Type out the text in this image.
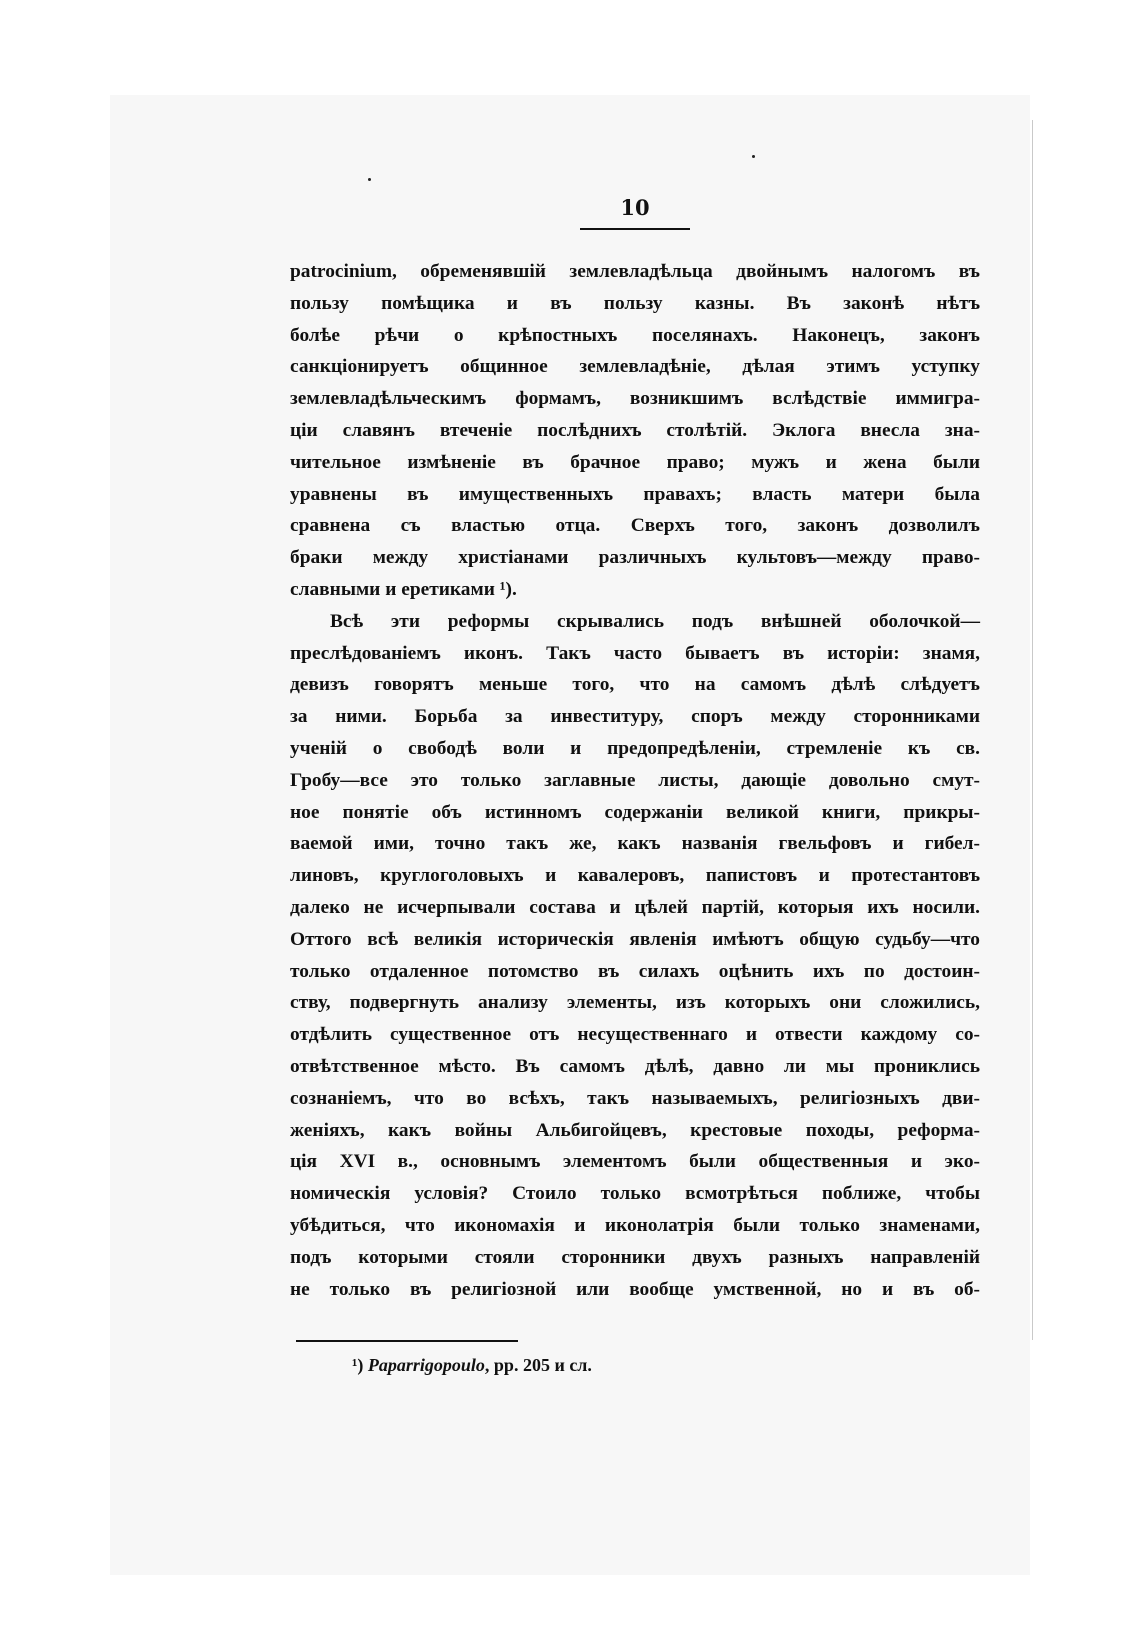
10
patrocinium, обременявшій землевладѣльца двойнымъ налогомъ въ
пользу помѣщика и въ пользу казны. Въ законѣ нѣтъ
болѣе рѣчи о крѣпостныхъ поселянахъ. Наконецъ, законъ
санкціонируетъ общинное землевладѣніе, дѣлая этимъ уступку
землевладѣльческимъ формамъ, возникшимъ вслѣдствіе иммигра-
ціи славянъ втеченіе послѣднихъ столѣтій. Эклога внесла зна-
чительное измѣненіе въ брачное право; мужъ и жена были
уравнены въ имущественныхъ правахъ; власть матери была
сравнена съ властью отца. Сверхъ того, законъ дозволилъ
браки между христіанами различныхъ культовъ—между право-
славными и еретиками ¹).
Всѣ эти реформы скрывались подъ внѣшней оболочкой—
преслѣдованіемъ иконъ. Такъ часто бываетъ въ исторіи: знамя,
девизъ говорятъ меньше того, что на самомъ дѣлѣ слѣдуетъ
за ними. Борьба за инвеституру, споръ между сторонниками
ученій о свободѣ воли и предопредѣленіи, стремленіе къ св.
Гробу—все это только заглавные листы, дающіе довольно смут-
ное понятіе объ истинномъ содержаніи великой книги, прикры-
ваемой ими, точно такъ же, какъ названія гвельфовъ и гибел-
линовъ, круглоголовыхъ и кавалеровъ, папистовъ и протестантовъ
далеко не исчерпывали состава и цѣлей партій, которыя ихъ носили.
Оттого всѣ великія историческія явленія имѣютъ общую судьбу—что
только отдаленное потомство въ силахъ оцѣнить ихъ по достоин-
ству, подвергнуть анализу элементы, изъ которыхъ они сложились,
отдѣлить существенное отъ несущественнаго и отвести каждому со-
отвѣтственное мѣсто. Въ самомъ дѣлѣ, давно ли мы прониклись
сознаніемъ, что во всѣхъ, такъ называемыхъ, религіозныхъ дви-
женіяхъ, какъ войны Альбигойцевъ, крестовые походы, реформа-
ція XVI в., основнымъ элементомъ были общественныя и эко-
номическія условія? Стоило только всмотрѣться поближе, чтобы
убѣдиться, что икономахія и иконолатрія были только знаменами,
подъ которыми стояли сторонники двухъ разныхъ направленій
не только въ религіозной или вообще умственной, но и въ об-
¹) Paparrigopoulo, pp. 205 и сл.
